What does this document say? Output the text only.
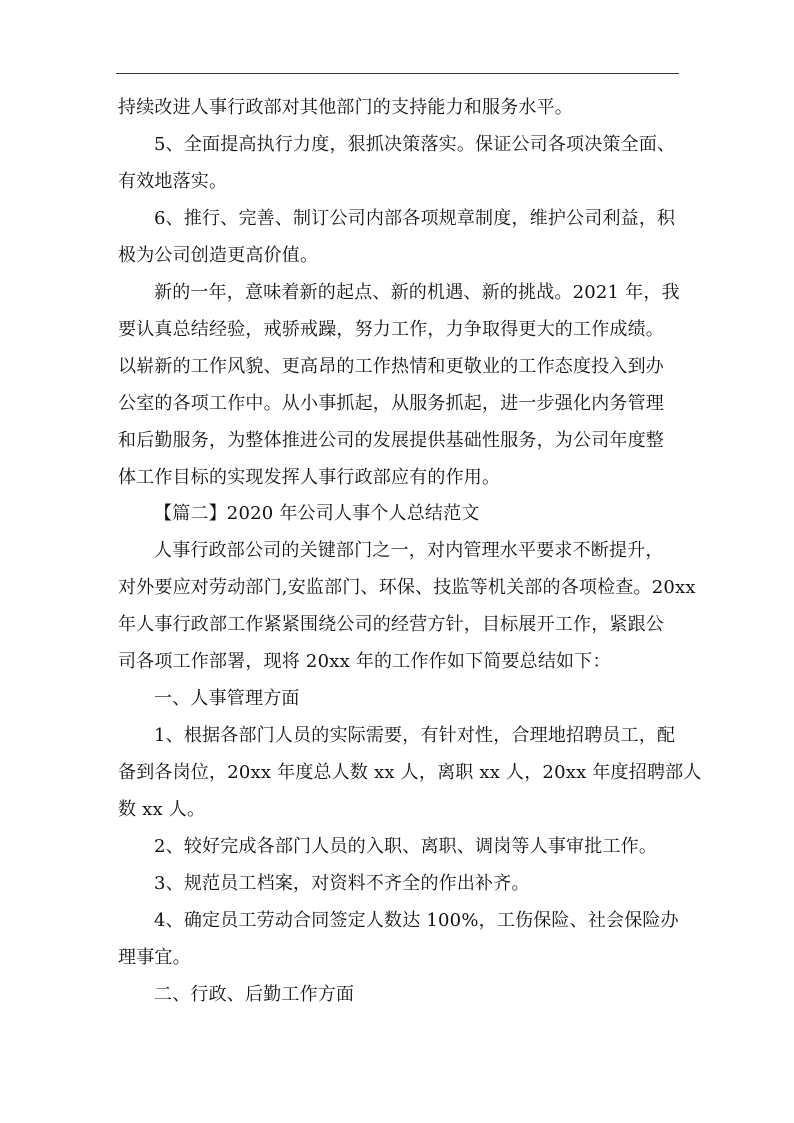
持续改进人事行政部对其他部门的支持能力和服务水平。
5、全面提高执行力度，狠抓决策落实。保证公司各项决策全面、
有效地落实。
6、推行、完善、制订公司内部各项规章制度，维护公司利益，积
极为公司创造更高价值。
新的一年，意味着新的起点、新的机遇、新的挑战。2021 年，我
要认真总结经验，戒骄戒躁，努力工作，力争取得更大的工作成绩。
以崭新的工作风貌、更高昂的工作热情和更敬业的工作态度投入到办
公室的各项工作中。从小事抓起，从服务抓起，进一步强化内务管理
和后勤服务，为整体推进公司的发展提供基础性服务，为公司年度整
体工作目标的实现发挥人事行政部应有的作用。
【篇二】2020 年公司人事个人总结范文
人事行政部公司的关键部门之一，对内管理水平要求不断提升，
对外要应对劳动部门,安监部门、环保、技监等机关部的各项检查。20xx
年人事行政部工作紧紧围绕公司的经营方针，目标展开工作，紧跟公
司各项工作部署，现将 20xx 年的工作作如下简要总结如下：
一、人事管理方面
1、根据各部门人员的实际需要，有针对性，合理地招聘员工，配
备到各岗位，20xx 年度总人数 xx 人，离职 xx 人，20xx 年度招聘部人
数 xx 人。
2、较好完成各部门人员的入职、离职、调岗等人事审批工作。
3、规范员工档案，对资料不齐全的作出补齐。
4、确定员工劳动合同签定人数达 100%，工伤保险、社会保险办
理事宜。
二、行政、后勤工作方面
